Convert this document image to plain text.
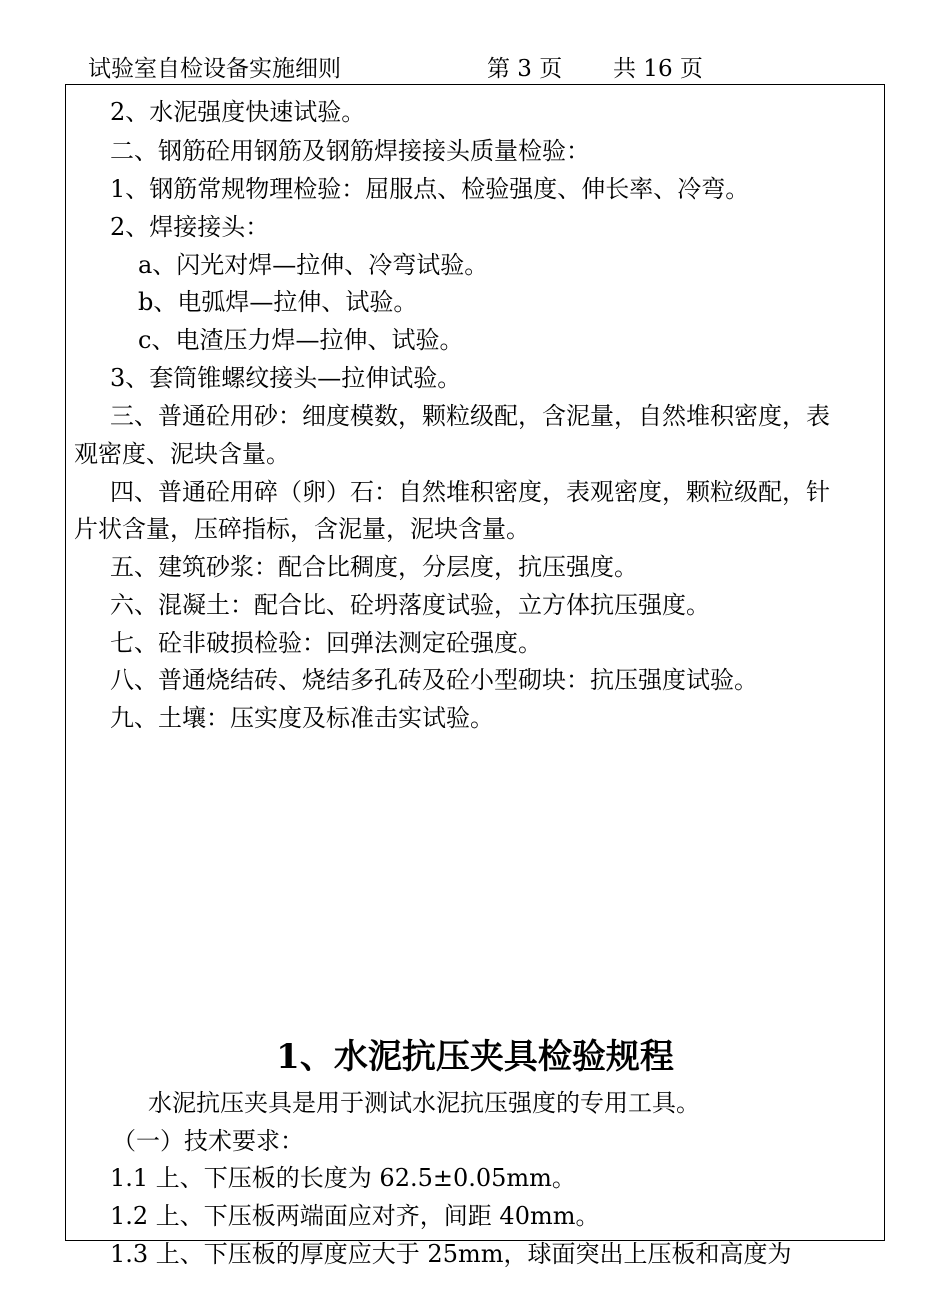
试验室自检设备实施细则	第 3 页 共 16 页
2、水泥强度快速试验。
二、钢筋砼用钢筋及钢筋焊接接头质量检验：
1、钢筋常规物理检验：屈服点、检验强度、伸长率、冷弯。
2、焊接接头：
a、闪光对焊—拉伸、冷弯试验。
b、电弧焊—拉伸、试验。
c、电渣压力焊—拉伸、试验。
3、套筒锥螺纹接头—拉伸试验。
三、普通砼用砂：细度模数，颗粒级配，含泥量，自然堆积密度，表
观密度、泥块含量。
四、普通砼用碎（卵）石：自然堆积密度，表观密度，颗粒级配，针
片状含量，压碎指标，含泥量，泥块含量。
五、建筑砂浆：配合比稠度，分层度，抗压强度。
六、混凝土：配合比、砼坍落度试验，立方体抗压强度。
七、砼非破损检验：回弹法测定砼强度。
八、普通烧结砖、烧结多孔砖及砼小型砌块：抗压强度试验。
九、土壤：压实度及标准击实试验。
1、水泥抗压夹具检验规程
水泥抗压夹具是用于测试水泥抗压强度的专用工具。
（一）技术要求：
1.1 上、下压板的长度为 62.5±0.05mm。
1.2 上、下压板两端面应对齐，间距 40mm。
1.3 上、下压板的厚度应大于 25mm，球面突出上压板和高度为
